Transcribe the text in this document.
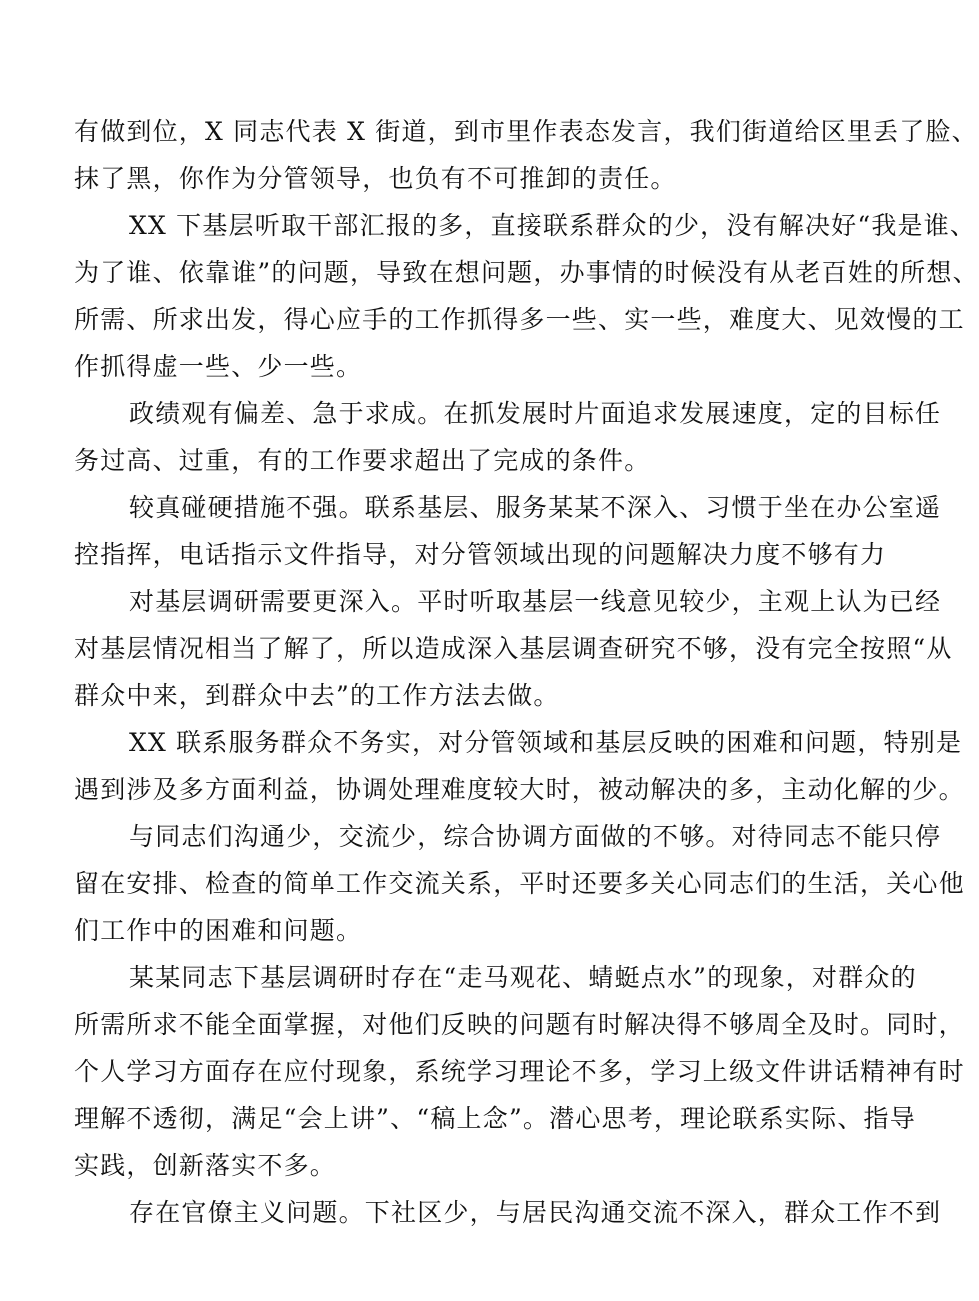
有做到位，X 同志代表 X 街道，到市里作表态发言，我们街道给区里丢了脸、
抹了黑，你作为分管领导，也负有不可推卸的责任。
XX 下基层听取干部汇报的多，直接联系群众的少，没有解决好“我是谁、
为了谁、依靠谁”的问题，导致在想问题，办事情的时候没有从老百姓的所想、
所需、所求出发，得心应手的工作抓得多一些、实一些，难度大、见效慢的工
作抓得虚一些、少一些。
政绩观有偏差、急于求成。在抓发展时片面追求发展速度，定的目标任
务过高、过重，有的工作要求超出了完成的条件。
较真碰硬措施不强。联系基层、服务某某不深入、习惯于坐在办公室遥
控指挥，电话指示文件指导，对分管领域出现的问题解决力度不够有力
对基层调研需要更深入。平时听取基层一线意见较少，主观上认为已经
对基层情况相当了解了，所以造成深入基层调查研究不够，没有完全按照“从
群众中来，到群众中去”的工作方法去做。
XX 联系服务群众不务实，对分管领域和基层反映的困难和问题，特别是
遇到涉及多方面利益，协调处理难度较大时，被动解决的多，主动化解的少。
与同志们沟通少，交流少，综合协调方面做的不够。对待同志不能只停
留在安排、检查的简单工作交流关系，平时还要多关心同志们的生活，关心他
们工作中的困难和问题。
某某同志下基层调研时存在“走马观花、蜻蜓点水”的现象，对群众的
所需所求不能全面掌握，对他们反映的问题有时解决得不够周全及时。同时，
个人学习方面存在应付现象，系统学习理论不多，学习上级文件讲话精神有时
理解不透彻，满足“会上讲”、“稿上念”。潜心思考，理论联系实际、指导
实践，创新落实不多。
存在官僚主义问题。下社区少，与居民沟通交流不深入，群众工作不到
